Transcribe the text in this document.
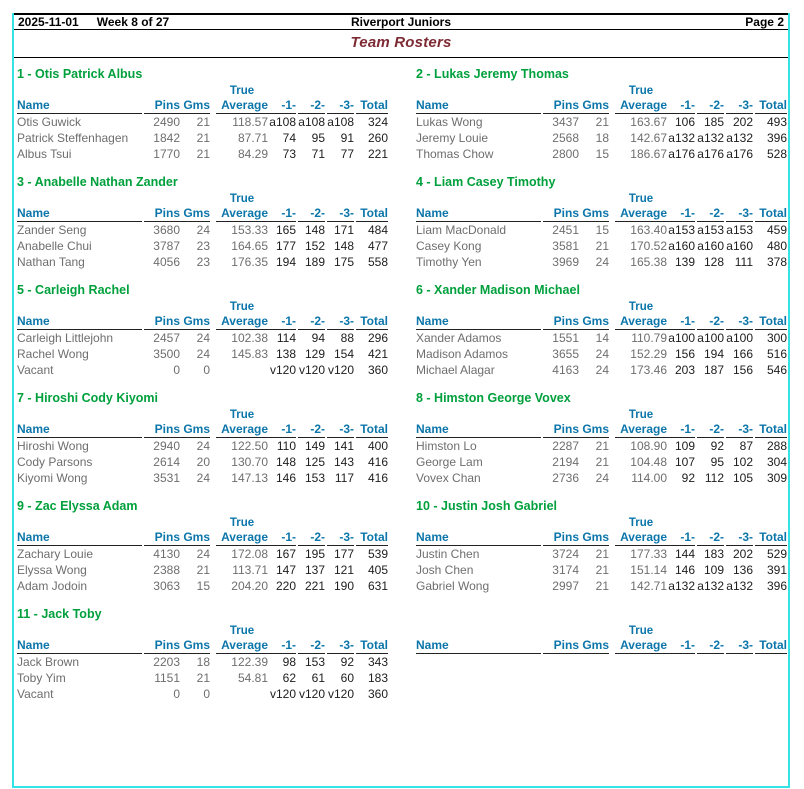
2025-11-01 Week 8 of 27	Riverport Juniors	Page 2
Team Rosters
1 - Otis Patrick Albus
					True							
Name		Pins	Gms		Average	-1-		-2-		-3-		Total
Otis Guwick		2490	21		118.57	a108		a108		a108		324
Patrick Steffenhagen		1842	21		87.71	74		95		91		260
Albus Tsui		1770	21		84.29	73		71		77		221
2 - Lukas Jeremy Thomas
					True							
Name		Pins	Gms		Average	-1-		-2-		-3-		Total
Lukas Wong		3437	21		163.67	106		185		202		493
Jeremy Louie		2568	18		142.67	a132		a132		a132		396
Thomas Chow		2800	15		186.67	a176		a176		a176		528
3 - Anabelle Nathan Zander
					True							
Name		Pins	Gms		Average	-1-		-2-		-3-		Total
Zander Seng		3680	24		153.33	165		148		171		484
Anabelle Chui		3787	23		164.65	177		152		148		477
Nathan Tang		4056	23		176.35	194		189		175		558
4 - Liam Casey Timothy
					True							
Name		Pins	Gms		Average	-1-		-2-		-3-		Total
Liam MacDonald		2451	15		163.40	a153		a153		a153		459
Casey Kong		3581	21		170.52	a160		a160		a160		480
Timothy Yen		3969	24		165.38	139		128		111		378
5 - Carleigh Rachel
					True							
Name		Pins	Gms		Average	-1-		-2-		-3-		Total
Carleigh Littlejohn		2457	24		102.38	114		94		88		296
Rachel Wong		3500	24		145.83	138		129		154		421
Vacant		0	0			v120		v120		v120		360
6 - Xander Madison Michael
					True							
Name		Pins	Gms		Average	-1-		-2-		-3-		Total
Xander Adamos		1551	14		110.79	a100		a100		a100		300
Madison Adamos		3655	24		152.29	156		194		166		516
Michael Alagar		4163	24		173.46	203		187		156		546
7 - Hiroshi Cody Kiyomi
					True							
Name		Pins	Gms		Average	-1-		-2-		-3-		Total
Hiroshi Wong		2940	24		122.50	110		149		141		400
Cody Parsons		2614	20		130.70	148		125		143		416
Kiyomi Wong		3531	24		147.13	146		153		117		416
8 - Himston George Vovex
					True							
Name		Pins	Gms		Average	-1-		-2-		-3-		Total
Himston Lo		2287	21		108.90	109		92		87		288
George Lam		2194	21		104.48	107		95		102		304
Vovex Chan		2736	24		114.00	92		112		105		309
9 - Zac Elyssa Adam
					True							
Name		Pins	Gms		Average	-1-		-2-		-3-		Total
Zachary Louie		4130	24		172.08	167		195		177		539
Elyssa Wong		2388	21		113.71	147		137		121		405
Adam Jodoin		3063	15		204.20	220		221		190		631
10 - Justin Josh Gabriel
					True							
Name		Pins	Gms		Average	-1-		-2-		-3-		Total
Justin Chen		3724	21		177.33	144		183		202		529
Josh Chen		3174	21		151.14	146		109		136		391
Gabriel Wong		2997	21		142.71	a132		a132		a132		396
11 - Jack Toby
					True							
Name		Pins	Gms		Average	-1-		-2-		-3-		Total
Jack Brown		2203	18		122.39	98		153		92		343
Toby Yim		1151	21		54.81	62		61		60		183
Vacant		0	0			v120		v120		v120		360
					True							
Name		Pins	Gms		Average	-1-		-2-		-3-		Total
